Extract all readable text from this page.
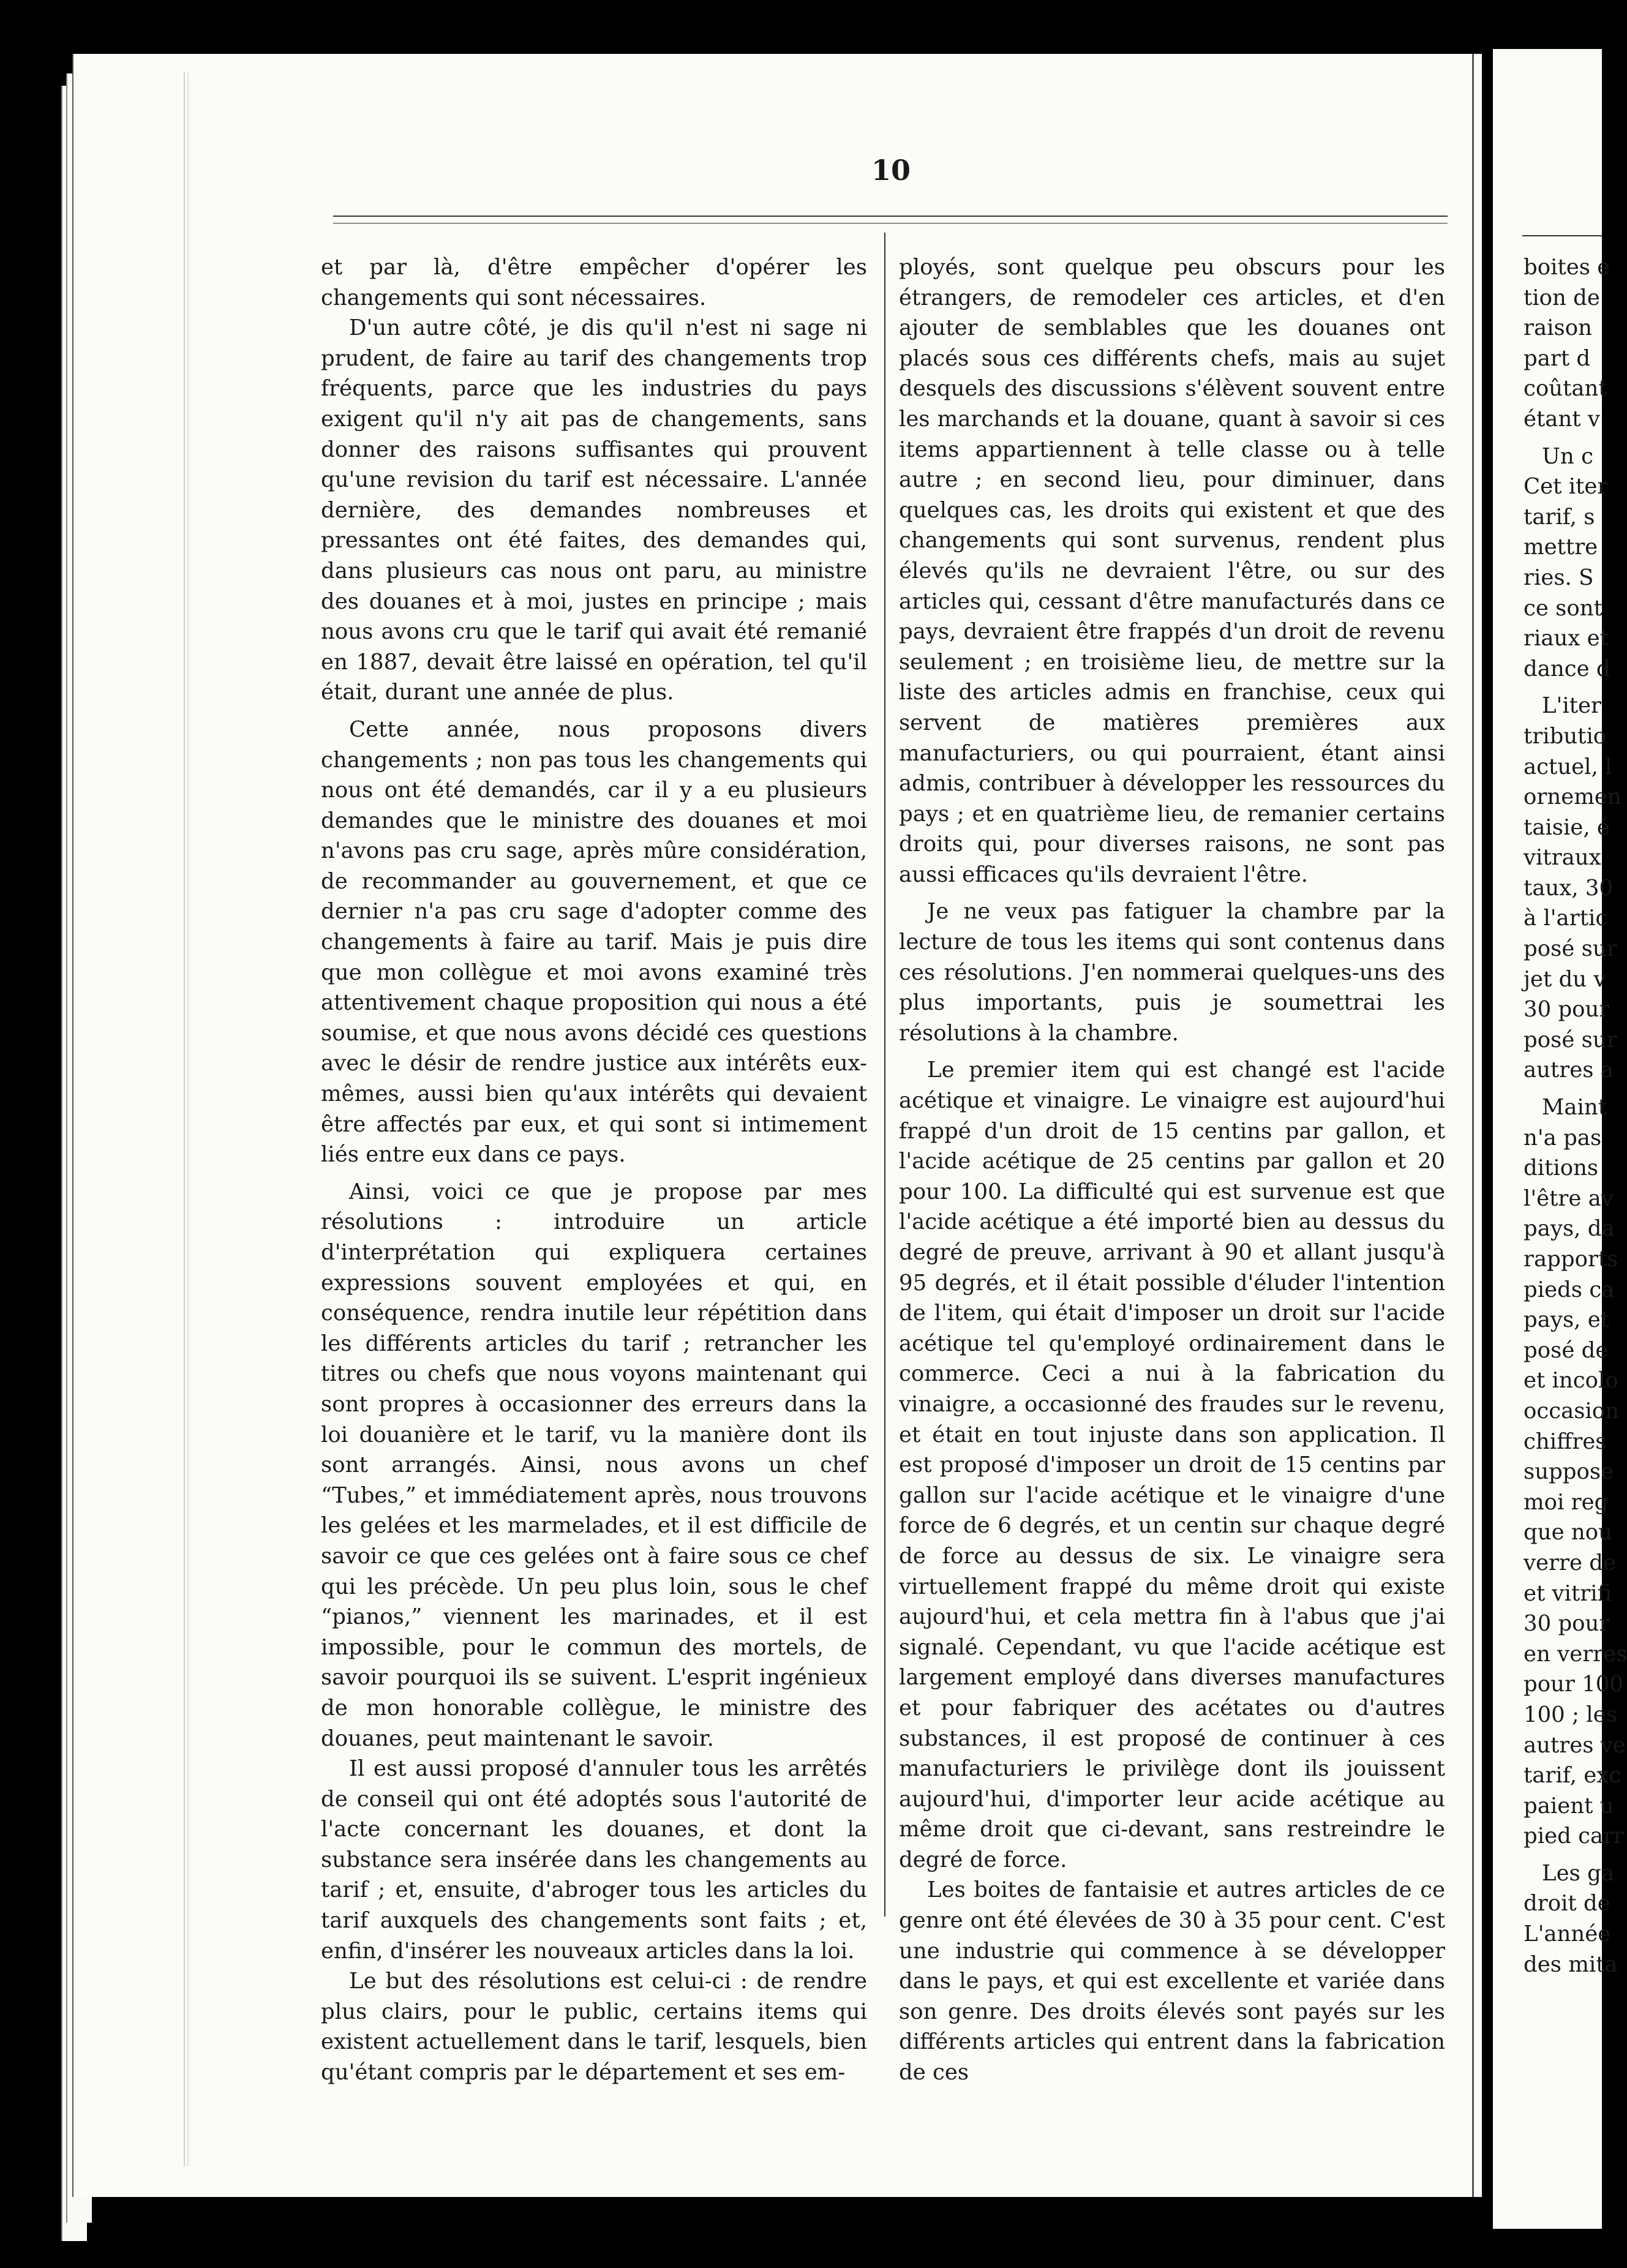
10

et par là, d'être empêcher d'opérer les changements qui sont nécessaires.

D'un autre côté, je dis qu'il n'est ni sage ni prudent, de faire au tarif des changements trop fréquents, parce que les industries du pays exigent qu'il n'y ait pas de changements, sans donner des raisons suffisantes qui prouvent qu'une revision du tarif est nécessaire. L'année dernière, des demandes nombreuses et pressantes ont été faites, des demandes qui, dans plusieurs cas nous ont paru, au ministre des douanes et à moi, justes en principe ; mais nous avons cru que le tarif qui avait été remanié en 1887, devait être laissé en opération, tel qu'il était, durant une année de plus.

Cette année, nous proposons divers changements ; non pas tous les changements qui nous ont été demandés, car il y a eu plusieurs demandes que le ministre des douanes et moi n'avons pas cru sage, après mûre considération, de recommander au gouvernement, et que ce dernier n'a pas cru sage d'adopter comme des changements à faire au tarif. Mais je puis dire que mon collègue et moi avons examiné très attentivement chaque proposition qui nous a été soumise, et que nous avons décidé ces questions avec le désir de rendre justice aux intérêts eux-mêmes, aussi bien qu'aux intérêts qui devaient être affectés par eux, et qui sont si intimement liés entre eux dans ce pays.

Ainsi, voici ce que je propose par mes résolutions : introduire un article d'interprétation qui expliquera certaines expressions souvent employées et qui, en conséquence, rendra inutile leur répétition dans les différents articles du tarif ; retrancher les titres ou chefs que nous voyons maintenant qui sont propres à occasionner des erreurs dans la loi douanière et le tarif, vu la manière dont ils sont arrangés. Ainsi, nous avons un chef “Tubes,” et immédiatement après, nous trouvons les gelées et les marmelades, et il est difficile de savoir ce que ces gelées ont à faire sous ce chef qui les précède. Un peu plus loin, sous le chef “pianos,” viennent les marinades, et il est impossible, pour le commun des mortels, de savoir pourquoi ils se suivent. L'esprit ingénieux de mon honorable collègue, le ministre des douanes, peut maintenant le savoir.

Il est aussi proposé d'annuler tous les arrêtés de conseil qui ont été adoptés sous l'autorité de l'acte concernant les douanes, et dont la substance sera insérée dans les changements au tarif ; et, ensuite, d'abroger tous les articles du tarif auxquels des changements sont faits ; et, enfin, d'insérer les nouveaux articles dans la loi.

Le but des résolutions est celui-ci : de rendre plus clairs, pour le public, certains items qui existent actuellement dans le tarif, lesquels, bien qu'étant compris par le département et ses em-

ployés, sont quelque peu obscurs pour les étrangers, de remodeler ces articles, et d'en ajouter de semblables que les douanes ont placés sous ces différents chefs, mais au sujet desquels des discussions s'élèvent souvent entre les marchands et la douane, quant à savoir si ces items appartiennent à telle classe ou à telle autre ; en second lieu, pour diminuer, dans quelques cas, les droits qui existent et que des changements qui sont survenus, rendent plus élevés qu'ils ne devraient l'être, ou sur des articles qui, cessant d'être manufacturés dans ce pays, devraient être frappés d'un droit de revenu seulement ; en troisième lieu, de mettre sur la liste des articles admis en franchise, ceux qui servent de matières premières aux manufacturiers, ou qui pourraient, étant ainsi admis, contribuer à développer les ressources du pays ; et en quatrième lieu, de remanier certains droits qui, pour diverses raisons, ne sont pas aussi efficaces qu'ils devraient l'être.

Je ne veux pas fatiguer la chambre par la lecture de tous les items qui sont contenus dans ces résolutions. J'en nommerai quelques-uns des plus importants, puis je soumettrai les résolutions à la chambre.

Le premier item qui est changé est l'acide acétique et vinaigre. Le vinaigre est aujourd'hui frappé d'un droit de 15 centins par gallon, et l'acide acétique de 25 centins par gallon et 20 pour 100. La difficulté qui est survenue est que l'acide acétique a été importé bien au dessus du degré de preuve, arrivant à 90 et allant jusqu'à 95 degrés, et il était possible d'éluder l'intention de l'item, qui était d'imposer un droit sur l'acide acétique tel qu'employé ordinairement dans le commerce. Ceci a nui à la fabrication du vinaigre, a occasionné des fraudes sur le revenu, et était en tout injuste dans son application. Il est proposé d'imposer un droit de 15 centins par gallon sur l'acide acétique et le vinaigre d'une force de 6 degrés, et un centin sur chaque degré de force au dessus de six. Le vinaigre sera virtuellement frappé du même droit qui existe aujourd'hui, et cela mettra fin à l'abus que j'ai signalé. Cependant, vu que l'acide acétique est largement employé dans diverses manufactures et pour fabriquer des acétates ou d'autres substances, il est proposé de continuer à ces manufacturiers le privilège dont ils jouissent aujourd'hui, d'importer leur acide acétique au même droit que ci-devant, sans restreindre le degré de force.

Les boites de fantaisie et autres articles de ce genre ont été élevées de 30 à 35 pour cent. C'est une industrie qui commence à se développer dans le pays, et qui est excellente et variée dans son genre. Des droits élevés sont payés sur les différents articles qui entrent dans la fabrication de ces

boites e
tion de
raison
part d
coûtant
étant v
Un c
Cet iter
tarif, s
mettre
ries. S
ce sont
riaux et
dance d
L'iter
tributio
actuel, l
ornemen
taisie, é
vitraux
taux, 30
à l'artic
posé sur
jet du v
30 pour
posé sur
autres a
Maint
n'a pas
ditions
l'être av
pays, da
rapports
pieds ca
pays, et
posé de
et incolo
occasion
chiffres
suppose
moi reg
que nou
verre de
et vitrifi
30 pour
en verres
pour 100
100 ; les
autres ve
tarif, exc
paient u
pied carr
Les ga
droit de
L'année
des mita
